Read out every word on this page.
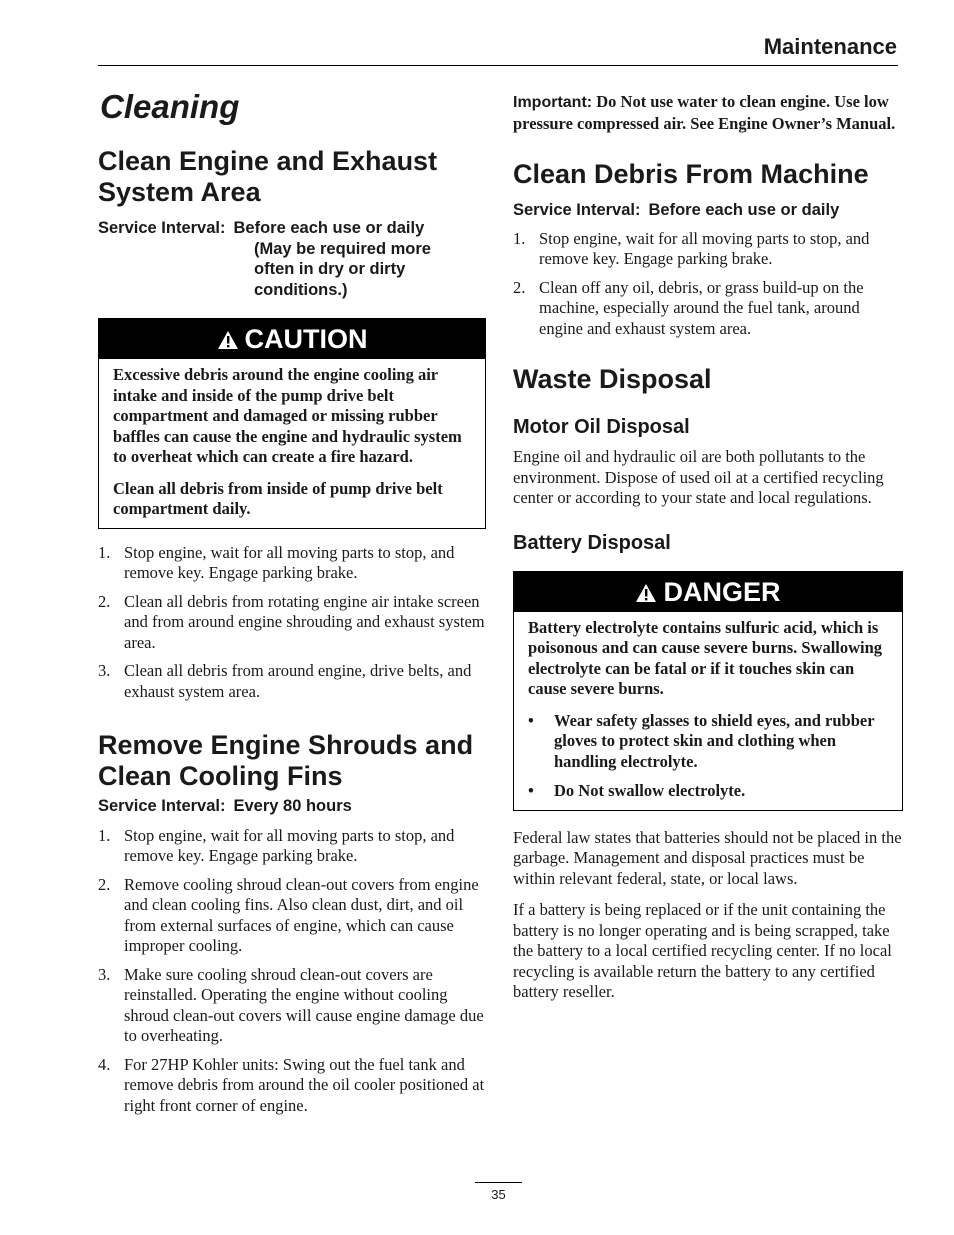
Maintenance
Cleaning
Clean Engine and Exhaust
System Area
Service Interval: Before each use or daily
(May be required more
often in dry or dirty
conditions.)
CAUTION

Excessive debris around the engine cooling air intake and inside of the pump drive belt compartment and damaged or missing rubber baffles can cause the engine and hydraulic system to overheat which can create a fire hazard.

Clean all debris from inside of pump drive belt compartment daily.

1. Stop engine, wait for all moving parts to stop, and remove key. Engage parking brake.
2. Clean all debris from rotating engine air intake screen and from around engine shrouding and exhaust system area.
3. Clean all debris from around engine, drive belts, and exhaust system area.
Remove Engine Shrouds and
Clean Cooling Fins
Service Interval: Every 80 hours
1. Stop engine, wait for all moving parts to stop, and remove key. Engage parking brake.
2. Remove cooling shroud clean-out covers from engine and clean cooling fins. Also clean dust, dirt, and oil from external surfaces of engine, which can cause improper cooling.
3. Make sure cooling shroud clean-out covers are reinstalled. Operating the engine without cooling shroud clean-out covers will cause engine damage due to overheating.
4. For 27HP Kohler units: Swing out the fuel tank and remove debris from around the oil cooler positioned at right front corner of engine.

Important: Do Not use water to clean engine. Use low pressure compressed air. See Engine Owner’s Manual.

Clean Debris From Machine
Service Interval: Before each use or daily
1. Stop engine, wait for all moving parts to stop, and remove key. Engage parking brake.
2. Clean off any oil, debris, or grass build-up on the machine, especially around the fuel tank, around engine and exhaust system area.
Waste Disposal
Motor Oil Disposal

Engine oil and hydraulic oil are both pollutants to the environment. Dispose of used oil at a certified recycling center or according to your state and local regulations.

Battery Disposal
DANGER

Battery electrolyte contains sulfuric acid, which is poisonous and can cause severe burns. Swallowing electrolyte can be fatal or if it touches skin can cause severe burns.

•	Wear safety glasses to shield eyes, and rubber gloves to protect skin and clothing when handling electrolyte.
•	Do Not swallow electrolyte.

Federal law states that batteries should not be placed in the garbage. Management and disposal practices must be within relevant federal, state, or local laws.

If a battery is being replaced or if the unit containing the battery is no longer operating and is being scrapped, take the battery to a local certified recycling center. If no local recycling is available return the battery to any certified battery reseller.

35
